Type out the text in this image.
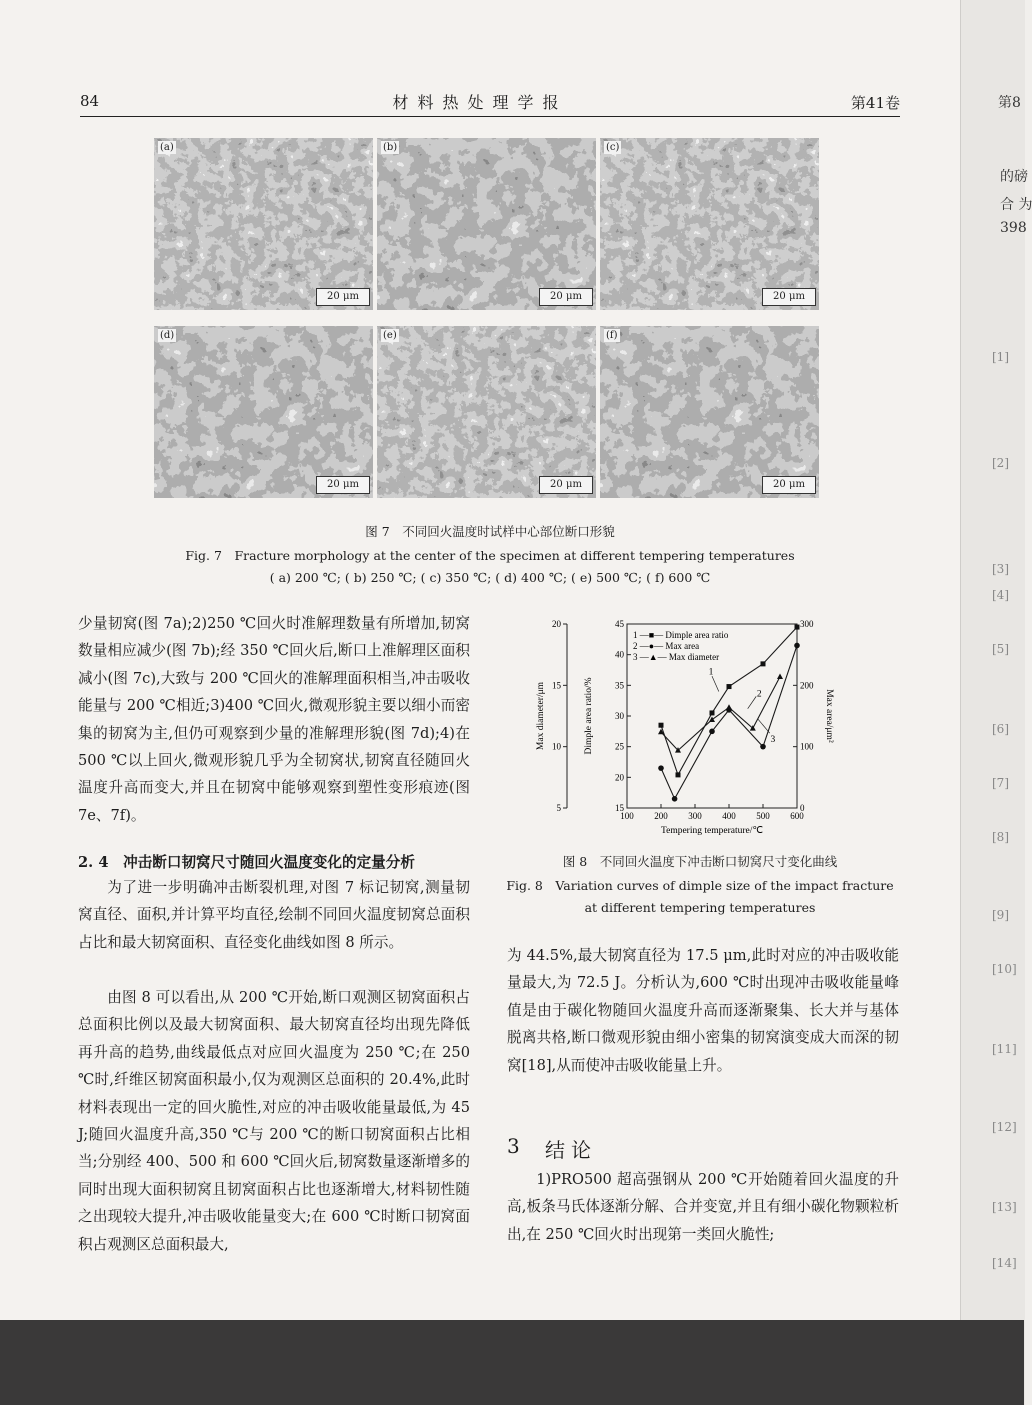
第8
的磅
合 为
398
[1]
[2]
[3]
[4]
[5]
[6]
[7]
[8]
[9]
[10]
[11]
[12]
[13]
[14]
84	材料热处理学报	第41卷
(a)
20 μm
(b)
20 μm
(c)
20 μm
(d)
20 μm
(e)
20 μm
(f)
20 μm
图 7　不同回火温度时试样中心部位断口形貌
Fig. 7　Fracture morphology at the center of the specimen at different tempering temperatures
( a) 200 ℃; ( b) 250 ℃; ( c) 350 ℃; ( d) 400 ℃; ( e) 500 ℃; ( f) 600 ℃

少量韧窝(图 7a);2)250 ℃回火时准解理数量有所增加,韧窝数量相应减少(图 7b);经 350 ℃回火后,断口上准解理区面积减小(图 7c),大致与 200 ℃回火的准解理面积相当,冲击吸收能量与 200 ℃相近;3)400 ℃回火,微观形貌主要以细小而密集的韧窝为主,但仍可观察到少量的准解理形貌(图 7d);4)在 500 ℃以上回火,微观形貌几乎为全韧窝状,韧窝直径随回火温度升高而变大,并且在韧窝中能够观察到塑性变形痕迹(图 7e、7f)。

2. 4　冲击断口韧窝尺寸随回火温度变化的定量分析

为了进一步明确冲击断裂机理,对图 7 标记韧窝,测量韧窝直径、面积,并计算平均直径,绘制不同回火温度韧窝总面积占比和最大韧窝面积、直径变化曲线如图 8 所示。

由图 8 可以看出,从 200 ℃开始,断口观测区韧窝面积占总面积比例以及最大韧窝面积、最大韧窝直径均出现先降低再升高的趋势,曲线最低点对应回火温度为 250 ℃;在 250 ℃时,纤维区韧窝面积最小,仅为观测区总面积的 20.4%,此时材料表现出一定的回火脆性,对应的冲击吸收能量最低,为 45 J;随回火温度升高,350 ℃与 200 ℃的断口韧窝面积占比相当;分别经 400、500 和 600 ℃回火后,韧窝数量逐渐增多的同时出现大面积韧窝且韧窝面积占比也逐渐增大,材料韧性随之出现较大提升,冲击吸收能量变大;在 600 ℃时断口韧窝面积占观测区总面积最大,

100 200 300 400 500 600
Tempering temperature/℃
5
10
15
20
Max diameter/μm
15
20
25
30
35
40
45
Dimple area ratio/%
0
100
200
300
Max area/μm²
1 —■— Dimple area ratio
2 —●— Max area
3 —▲— Max diameter
1
2
3
图 8　不同回火温度下冲击断口韧窝尺寸变化曲线
Fig. 8　Variation curves of dimple size of the impact fracture
at different tempering temperatures

为 44.5%,最大韧窝直径为 17.5 μm,此时对应的冲击吸收能量最大,为 72.5 J。分析认为,600 ℃时出现冲击吸收能量峰值是由于碳化物随回火温度升高而逐渐聚集、长大并与基体脱离共格,断口微观形貌由细小密集的韧窝演变成大而深的韧窝[18],从而使冲击吸收能量上升。

3 结论

1)PRO500 超高强钢从 200 ℃开始随着回火温度的升高,板条马氏体逐渐分解、合并变宽,并且有细小碳化物颗粒析出,在 250 ℃回火时出现第一类回火脆性;
